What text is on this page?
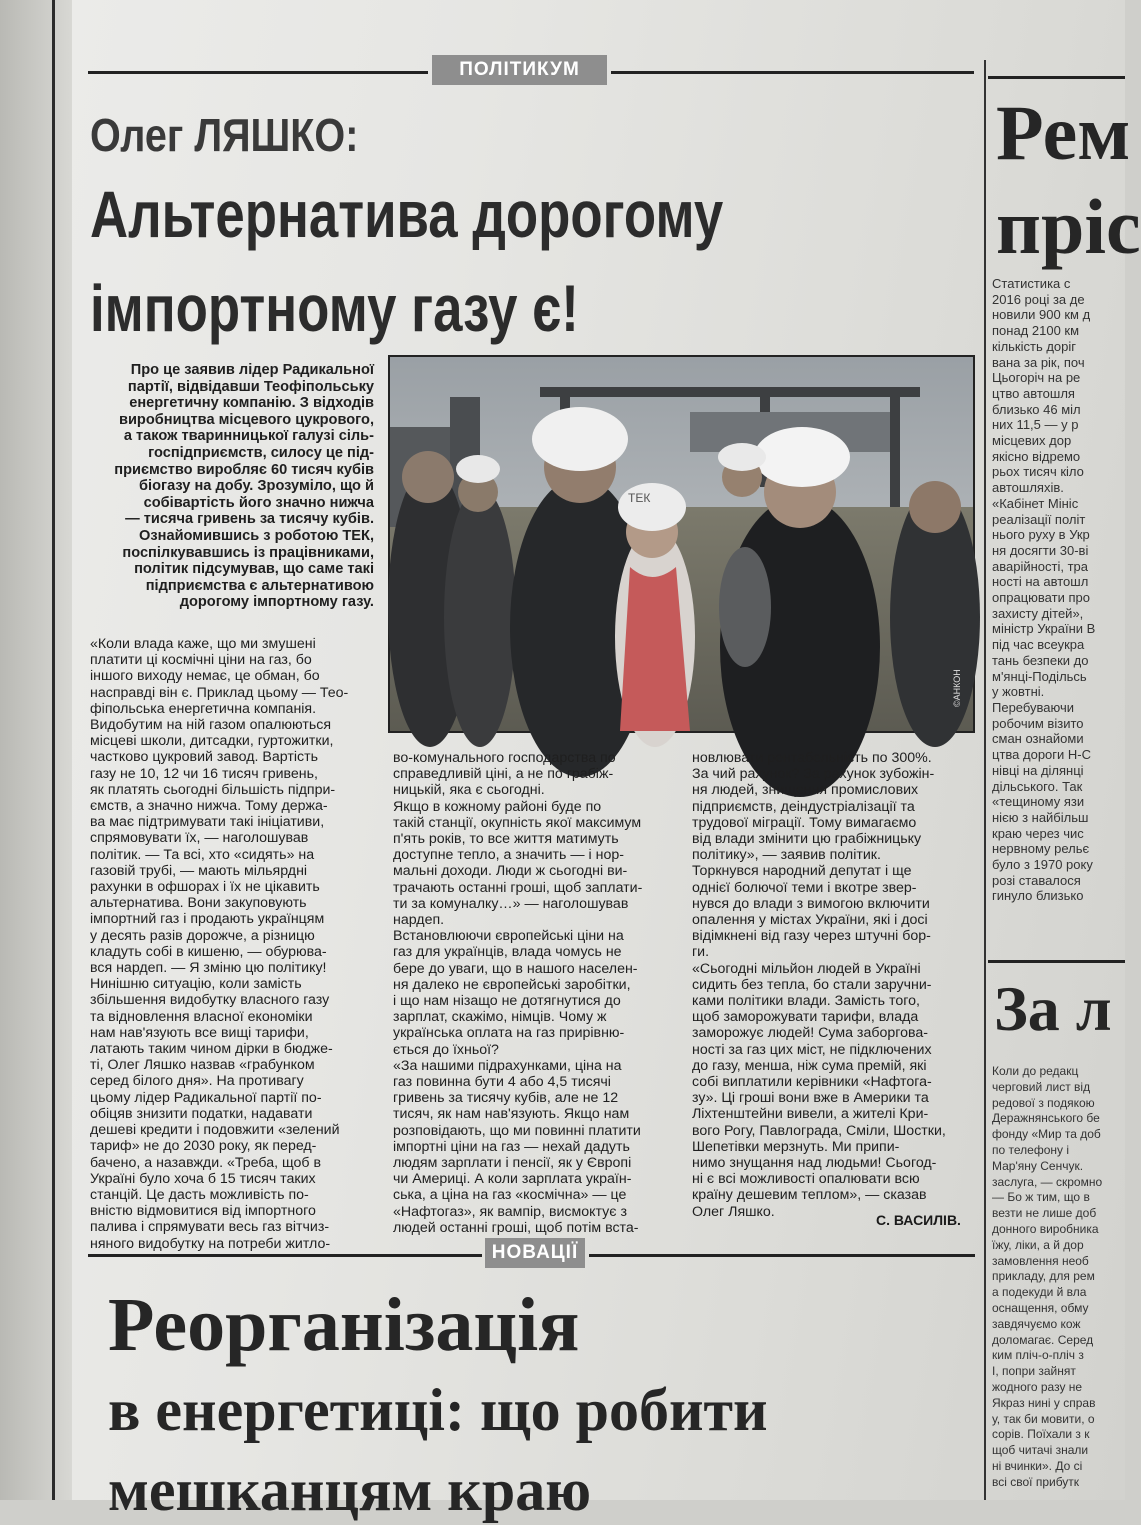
ПОЛІТИКУМ
Олег ЛЯШКО:
Альтернатива дорогому
імпортному газу є!
Про це заявив лідер Радикальної
партії, відвідавши Теофіпольську
енергетичну компанію. З відходів
виробництва місцевого цукрового,
а також тваринницької галузі сіль-
госпідприємств, силосу це під-
приємство виробляє 60 тисяч кубів
біогазу на добу. Зрозуміло, що й
собівартість його значно нижча
— тисяча гривень за тисячу кубів.
Ознайомившись з роботою ТЕК,
поспілкувавшись із працівниками,
політик підсумував, що саме такі
підприємства є альтернативою
дорогому імпортному газу.
ТЕК
©АНКОН
«Коли влада каже, що ми змушені
платити ці космічні ціни на газ, бо
іншого виходу немає, це обман, бо
насправді він є. Приклад цьому — Тео-
фіпольська енергетична компанія.
Видобутим на ній газом опалюються
місцеві школи, дитсадки, гуртожитки,
частково цукровий завод. Вартість
газу не 10, 12 чи 16 тисяч гривень,
як платять сьогодні більшість підпри-
ємств, а значно нижча. Тому держа-
ва має підтримувати такі ініціативи,
спрямовувати їх, — наголошував
політик. — Та всі, хто «сидять» на
газовій трубі, — мають мільярдні
рахунки в офшорах і їх не цікавить
альтернатива. Вони закуповують
імпортний газ і продають українцям
у десять разів дорожче, а різницю
кладуть собі в кишеню, — обурюва-
вся нардеп. — Я зміню цю політику!
Нинішню ситуацію, коли замість
збільшення видобутку власного газу
та відновлення власної економіки
нам нав'язують все вищі тарифи,
латають таким чином дірки в бюдже-
ті, Олег Ляшко назвав «грабунком
серед білого дня». На противагу
цьому лідер Радикальної партії по-
обіцяв знизити податки, надавати
дешеві кредити і подовжити «зелений
тариф» не до 2030 року, як перед-
бачено, а назавжди. «Треба, щоб в
Україні було хоча б 15 тисяч таких
станцій. Це дасть можливість по-
вністю відмовитися від імпортного
палива і спрямувати весь газ вітчиз-
няного видобутку на потреби житло-
во-комунального господарства по
справедливій ціні, а не по грабіж-
ницькій, яка є сьогодні.
Якщо в кожному районі буде по
такій станції, окупність якої максимум
п'ять років, то все життя матимуть
доступне тепло, а значить — і нор-
мальні доходи. Люди ж сьогодні ви-
трачають останні гроші, щоб заплати-
ти за комуналку…» — наголошував
нардеп.
Встановлюючи європейські ціни на
газ для українців, влада чомусь не
бере до уваги, що в нашого населен-
ня далеко не європейські заробітки,
і що нам нізащо не дотягнутися до
зарплат, скажімо, німців. Чому ж
українська оплата на газ прирівню-
ється до їхньої?
«За нашими підрахунками, ціна на
газ повинна бути 4 або 4,5 тисячі
гривень за тисячу кубів, але не 12
тисяч, як нам нав'язують. Якщо нам
розповідають, що ми повинні платити
імпортні ціни на газ — нехай дадуть
людям зарплати і пенсії, як у Європі
чи Америці. А коли зарплата україн-
ська, а ціна на газ «космічна» — це
«Нафтогаз», як вампір, висмоктує з
людей останні гроші, щоб потім вста-
новлювати рентабельність по 300%.
За чий рахунок? За рахунок зубожін-
ня людей, знищення промислових
підприємств, деіндустріалізації та
трудової міграції. Тому вимагаємо
від влади змінити цю грабіжницьку
політику», — заявив політик.
Торкнувся народний депутат і ще
однієї болючої теми і вкотре звер-
нувся до влади з вимогою включити
опалення у містах України, які і досі
відімкнені від газу через штучні бор-
ги.
«Сьогодні мільйон людей в Україні
сидить без тепла, бо стали заручни-
ками політики влади. Замість того,
щоб заморожувати тарифи, влада
заморожує людей! Сума заборгова-
ності за газ цих міст, не підключених
до газу, менша, ніж сума премій, які
собі виплатили керівники «Нафтога-
зу». Ці гроші вони вже в Америки та
Ліхтенштейни вивели, а жителі Кри-
вого Рогу, Павлограда, Сміли, Шостки,
Шепетівки мерзнуть. Ми припи-
нимо знущання над людьми! Сьогод-
ні є всі можливості опалювати всю
країну дешевим теплом», — сказав
Олег Ляшко.
С. ВАСИЛІВ.
Рем
пріс
Статистика с
2016 році за де
новили 900 км д
понад 2100 км
кількість доріг
вана за рік, поч
Цьогоріч на ре
цтво автошля
близько 46 міл
них 11,5 — у р
місцевих дор
якісно відремо
рьох тисяч кіло
автошляхів.
«Кабінет Мініс
реалізації політ
нього руху в Укр
ня досягти 30-ві
аварійності, тра
ності на автошл
опрацювати про
захисту дітей»,
міністр України В
під час всеукра
тань безпеки до
м'янці-Подільсь
у жовтні.
Перебуваючи
робочим візито
сман ознайоми
цтва дороги Н-С
нівці на ділянці
дільського. Так
«тещиному язи
нією з найбільш
краю через чис
нервному рельє
було з 1970 року
розі ставалося
гинуло близько
За л
Коли до редакц
черговий лист від
редової з подякою
Деражнянського бе
фонду «Мир та доб
по телефону і
Мар'яну Сенчук.
заслуга, — скромно
— Бо ж тим, що в
везти не лише доб
донного виробника
їжу, ліки, а й дор
замовлення необ
прикладу, для рем
а подекуди й вла
оснащення, обму
завдячуємо кож
доломагає. Серед
ким пліч-о-пліч з
І, попри зайнят
жодного разу не
Якраз нині у справ
у, так би мовити, о
сорів. Поїхали з к
щоб читачі знали
ні вчинки». До сі
всі свої прибутк
НОВАЦІЇ
Реорганізація
в енергетиці: що робити
мешканцям краю
